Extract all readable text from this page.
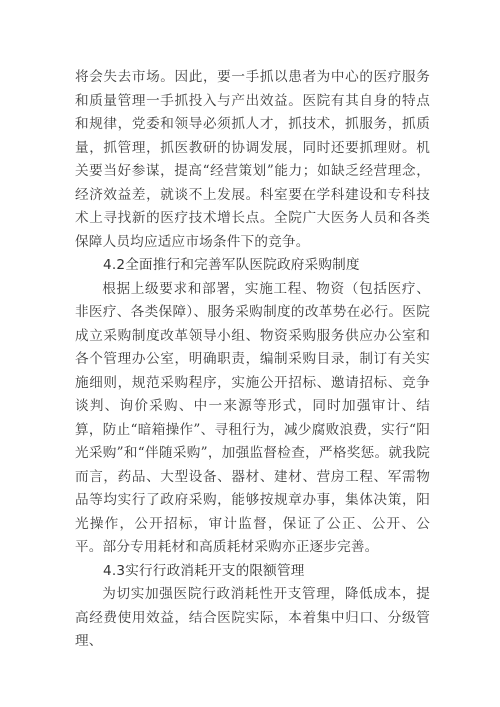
将会失去市场。因此，要一手抓以患者为中心的医疗服务和质量管理一手抓投入与产出效益。医院有其自身的特点和规律，党委和领导必须抓人才，抓技术，抓服务，抓质量，抓管理，抓医教研的协调发展，同时还要抓理财。机关要当好参谋，提高“经营策划”能力；如缺乏经营理念，经济效益差，就谈不上发展。科室要在学科建设和专科技术上寻找新的医疗技术增长点。全院广大医务人员和各类保障人员均应适应市场条件下的竞争。

4.2全面推行和完善军队医院政府采购制度

根据上级要求和部署，实施工程、物资（包括医疗、非医疗、各类保障）、服务采购制度的改革势在必行。医院成立采购制度改革领导小组、物资采购服务供应办公室和各个管理办公室，明确职责，编制采购目录，制订有关实施细则，规范采购程序，实施公开招标、邀请招标、竞争谈判、询价采购、中一来源等形式，同时加强审计、结算，防止“暗箱操作”、寻租行为，减少腐败浪费，实行“阳光采购”和“伴随采购”，加强监督检查，严格奖惩。就我院而言，药品、大型设备、器材、建材、营房工程、军需物品等均实行了政府采购，能够按规章办事，集体决策，阳光操作，公开招标，审计监督，保证了公正、公开、公平。部分专用耗材和高质耗材采购亦正逐步完善。

4.3实行行政消耗开支的限额管理

为切实加强医院行政消耗性开支管理，降低成本，提高经费使用效益，结合医院实际，本着集中归口、分级管理、
